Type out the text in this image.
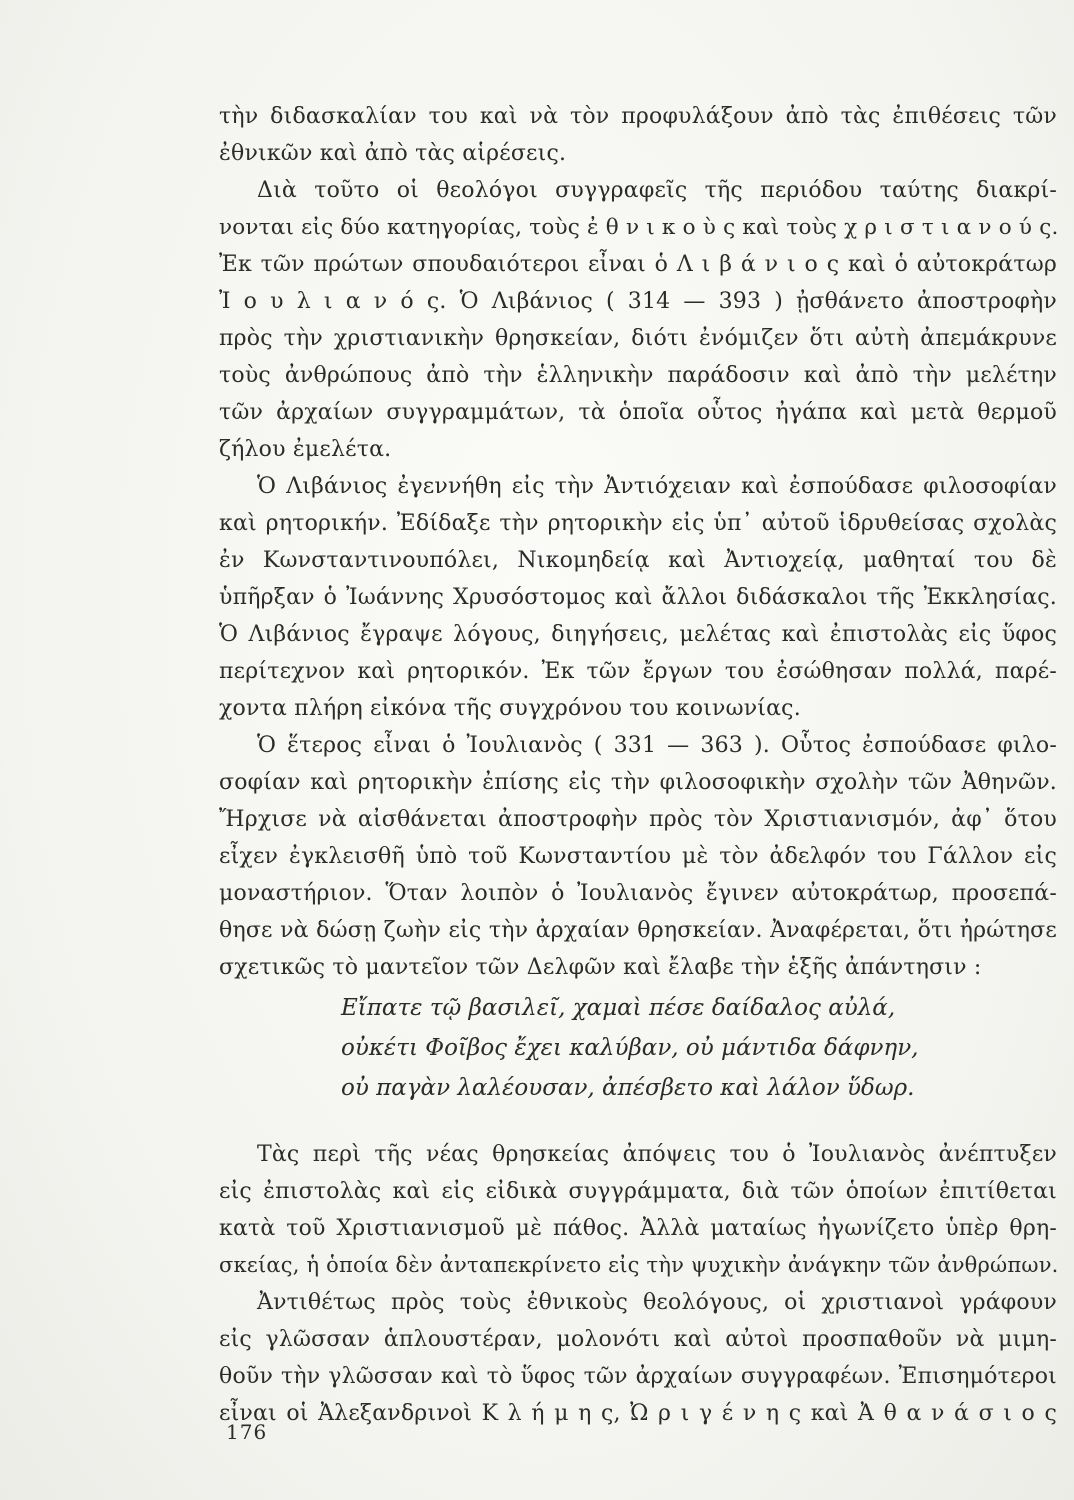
τὴν διδασκαλίαν του καὶ νὰ τὸν προφυλάξουν ἀπὸ τὰς ἐπιθέσεις τῶν
ἐθνικῶν καὶ ἀπὸ τὰς αἱρέσεις.
Διὰ τοῦτο οἱ θεολόγοι συγγραφεῖς τῆς περιόδου ταύτης διακρί-
νονται εἰς δύο κατηγορίας, τοὺς ἐ θ ν ι κ ο ὺ ς καὶ τοὺς χ ρ ι σ τ ι α ν ο ύ ς.
Ἐκ τῶν πρώτων σπουδαιότεροι εἶναι ὁ Λ ι β ά ν ι ο ς καὶ ὁ αὐτοκράτωρ
Ἰ ο υ λ ι α ν ό ς. Ὁ Λιβάνιος ( 314 — 393 ) ᾐσθάνετο ἀποστροφὴν
πρὸς τὴν χριστιανικὴν θρησκείαν, διότι ἐνόμιζεν ὅτι αὐτὴ ἀπεμάκρυνε
τοὺς ἀνθρώπους ἀπὸ τὴν ἑλληνικὴν παράδοσιν καὶ ἀπὸ τὴν μελέτην
τῶν ἀρχαίων συγγραμμάτων, τὰ ὁποῖα οὗτος ἠγάπα καὶ μετὰ θερμοῦ
ζήλου ἐμελέτα.
Ὁ Λιβάνιος ἐγεννήθη εἰς τὴν Ἀντιόχειαν καὶ ἐσπούδασε φιλοσοφίαν
καὶ ρητορικήν. Ἐδίδαξε τὴν ρητορικὴν εἰς ὑπ᾿ αὐτοῦ ἱδρυθείσας σχολὰς
ἐν Κωνσταντινουπόλει, Νικομηδείᾳ καὶ Ἀντιοχείᾳ, μαθηταί του δὲ
ὑπῆρξαν ὁ Ἰωάννης Χρυσόστομος καὶ ἄλλοι διδάσκαλοι τῆς Ἐκκλησίας.
Ὁ Λιβάνιος ἔγραψε λόγους, διηγήσεις, μελέτας καὶ ἐπιστολὰς εἰς ὕφος
περίτεχνον καὶ ρητορικόν. Ἐκ τῶν ἔργων του ἐσώθησαν πολλά, παρέ-
χοντα πλήρη εἰκόνα τῆς συγχρόνου του κοινωνίας.
Ὁ ἕτερος εἶναι ὁ Ἰουλιανὸς ( 331 — 363 ). Οὗτος ἐσπούδασε φιλο-
σοφίαν καὶ ρητορικὴν ἐπίσης εἰς τὴν φιλοσοφικὴν σχολὴν τῶν Ἀθηνῶν.
Ἤρχισε νὰ αἰσθάνεται ἀποστροφὴν πρὸς τὸν Χριστιανισμόν, ἀφ᾿ ὅτου
εἶχεν ἐγκλεισθῆ ὑπὸ τοῦ Κωνσταντίου μὲ τὸν ἀδελφόν του Γάλλον εἰς
μοναστήριον. Ὅταν λοιπὸν ὁ Ἰουλιανὸς ἔγινεν αὐτοκράτωρ, προσεπά-
θησε νὰ δώσῃ ζωὴν εἰς τὴν ἀρχαίαν θρησκείαν. Ἀναφέρεται, ὅτι ἠρώτησε
σχετικῶς τὸ μαντεῖον τῶν Δελφῶν καὶ ἔλαβε τὴν ἑξῆς ἀπάντησιν :
Εἴπατε τῷ βασιλεῖ, χαμαὶ πέσε δαίδαλος αὐλά,
οὐκέτι Φοῖβος ἔχει καλύβαν, οὐ μάντιδα δάφνην,
οὐ παγὰν λαλέουσαν, ἀπέσβετο καὶ λάλον ὕδωρ.
Τὰς περὶ τῆς νέας θρησκείας ἀπόψεις του ὁ Ἰουλιανὸς ἀνέπτυξεν
εἰς ἐπιστολὰς καὶ εἰς εἰδικὰ συγγράμματα, διὰ τῶν ὁποίων ἐπιτίθεται
κατὰ τοῦ Χριστιανισμοῦ μὲ πάθος. Ἀλλὰ ματαίως ἠγωνίζετο ὑπὲρ θρη-
σκείας, ἡ ὁποία δὲν ἀνταπεκρίνετο εἰς τὴν ψυχικὴν ἀνάγκην τῶν ἀνθρώπων.
Ἀντιθέτως πρὸς τοὺς ἐθνικοὺς θεολόγους, οἱ χριστιανοὶ γράφουν
εἰς γλῶσσαν ἁπλουστέραν, μολονότι καὶ αὐτοὶ προσπαθοῦν νὰ μιμη-
θοῦν τὴν γλῶσσαν καὶ τὸ ὕφος τῶν ἀρχαίων συγγραφέων. Ἐπισημότεροι
εἶναι οἱ Ἀλεξανδρινοὶ Κ λ ή μ η ς, Ὠ ρ ι γ έ ν η ς καὶ Ἀ θ α ν ά σ ι ο ς
176
